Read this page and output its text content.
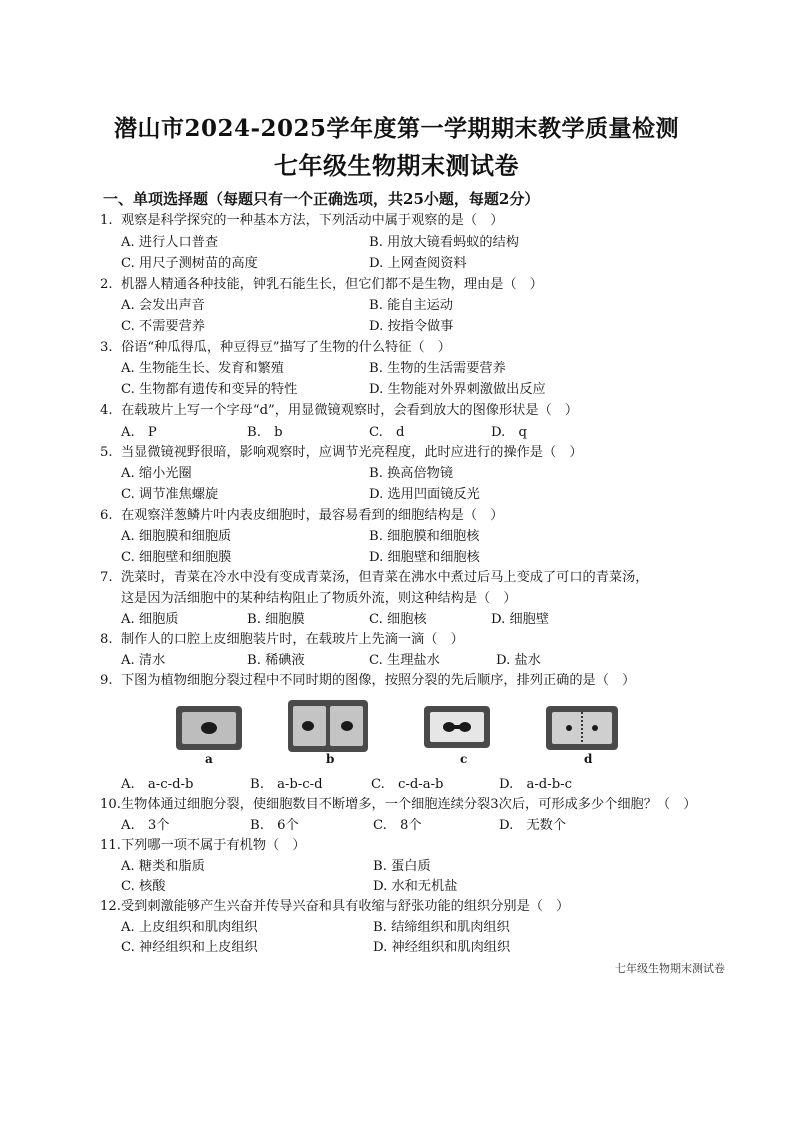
潜山市2024-2025学年度第一学期期末教学质量检测
七年级生物期末测试卷
一、单项选择题（每题只有一个正确选项，共25小题，每题2分）
1. 观察是科学探究的一种基本方法，下列活动中属于观察的是（　）
A. 进行人口普查	B. 用放大镜看蚂蚁的结构
C. 用尺子测树苗的高度	D. 上网查阅资料
2. 机器人精通各种技能，钟乳石能生长，但它们都不是生物，理由是（　）
A. 会发出声音	B. 能自主运动
C. 不需要营养	D. 按指令做事
3. 俗语“种瓜得瓜，种豆得豆”描写了生物的什么特征（　）
A. 生物能生长、发育和繁殖	B. 生物的生活需要营养
C. 生物都有遗传和变异的特性	D. 生物能对外界刺激做出反应
4. 在载玻片上写一个字母“d”，用显微镜观察时，会看到放大的图像形状是（　）
A.　P	B.　b	C.　d	D.　q
5. 当显微镜视野很暗，影响观察时，应调节光亮程度，此时应进行的操作是（　）
A. 缩小光圈	B. 换高倍物镜
C. 调节准焦螺旋	D. 选用凹面镜反光
6. 在观察洋葱鳞片叶内表皮细胞时，最容易看到的细胞结构是（　）
A. 细胞膜和细胞质	B. 细胞膜和细胞核
C. 细胞壁和细胞膜	D. 细胞壁和细胞核
7. 洗菜时，青菜在冷水中没有变成青菜汤，但青菜在沸水中煮过后马上变成了可口的青菜汤，
这是因为活细胞中的某种结构阻止了物质外流，则这种结构是（　）
A. 细胞质	B. 细胞膜	C. 细胞核	D. 细胞壁
8. 制作人的口腔上皮细胞装片时，在载玻片上先滴一滴（　）
A. 清水	B. 稀碘液	C. 生理盐水	D. 盐水
9. 下图为植物细胞分裂过程中不同时期的图像，按照分裂的先后顺序，排列正确的是（　）
a	b	c	d
A.　a-c-d-b	B.　a-b-c-d	C.　c-d-a-b	D.　a-d-b-c
10.生物体通过细胞分裂，使细胞数目不断增多，一个细胞连续分裂3次后，可形成多少个细胞？（　）
A.　3个	B.　6个	C.　8个	D.　无数个
11.下列哪一项不属于有机物（　）
A. 糖类和脂质	B. 蛋白质
C. 核酸	D. 水和无机盐
12.受到刺激能够产生兴奋并传导兴奋和具有收缩与舒张功能的组织分别是（　）
A. 上皮组织和肌肉组织	B. 结缔组织和肌肉组织
C. 神经组织和上皮组织	D. 神经组织和肌肉组织
七年级生物期末测试卷
